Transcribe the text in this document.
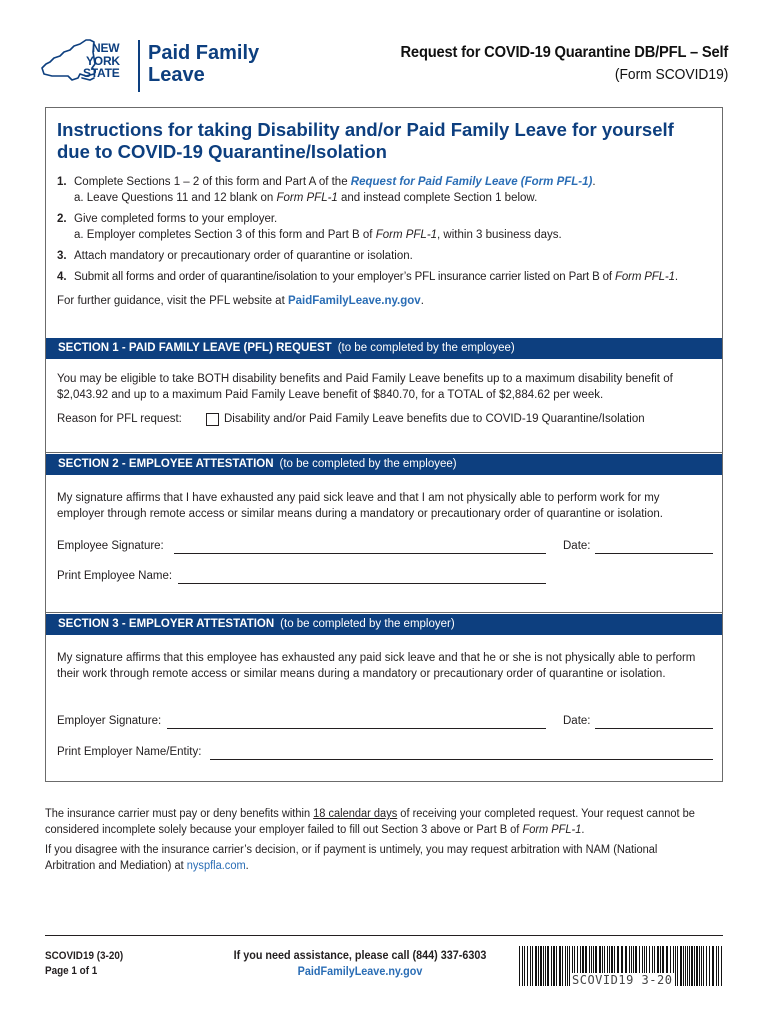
NEW
YORK
STATE
Paid Family
Leave
Request for COVID-19 Quarantine DB/PFL – Self
(Form SCOVID19)
Instructions for taking Disability and/or Paid Family Leave for yourself due to COVID-19 Quarantine/Isolation
1. Complete Sections 1 – 2 of this form and Part A of the Request for Paid Family Leave (Form PFL-1).
a. Leave Questions 11 and 12 blank on Form PFL-1 and instead complete Section 1 below.
2. Give completed forms to your employer.
a. Employer completes Section 3 of this form and Part B of Form PFL-1, within 3 business days.
3. Attach mandatory or precautionary order of quarantine or isolation.
4. Submit all forms and order of quarantine/isolation to your employer’s PFL insurance carrier listed on Part B of Form PFL-1.
For further guidance, visit the PFL website at PaidFamilyLeave.ny.gov.
SECTION 1 - PAID FAMILY LEAVE (PFL) REQUEST (to be completed by the employee)
You may be eligible to take BOTH disability benefits and Paid Family Leave benefits up to a maximum disability benefit of $2,043.92 and up to a maximum Paid Family Leave benefit of $840.70, for a TOTAL of $2,884.62 per week.
Reason for PFL request:	Disability and/or Paid Family Leave benefits due to COVID-19 Quarantine/Isolation
SECTION 2 - EMPLOYEE ATTESTATION (to be completed by the employee)
My signature affirms that I have exhausted any paid sick leave and that I am not physically able to perform work for my employer through remote access or similar means during a mandatory or precautionary order of quarantine or isolation.
Employee Signature:	Date:
Print Employee Name:
SECTION 3 - EMPLOYER ATTESTATION (to be completed by the employer)
My signature affirms that this employee has exhausted any paid sick leave and that he or she is not physically able to perform their work through remote access or similar means during a mandatory or precautionary order of quarantine or isolation.
Employer Signature:	Date:
Print Employer Name/Entity:
The insurance carrier must pay or deny benefits within 18 calendar days of receiving your completed request. Your request cannot be considered incomplete solely because your employer failed to fill out Section 3 above or Part B of Form PFL-1.
If you disagree with the insurance carrier’s decision, or if payment is untimely, you may request arbitration with NAM (National Arbitration and Mediation) at nyspfla.com.
SCOVID19 (3-20)
Page 1 of 1
If you need assistance, please call (844) 337-6303
PaidFamilyLeave.ny.gov
SCOVID19 3-20
